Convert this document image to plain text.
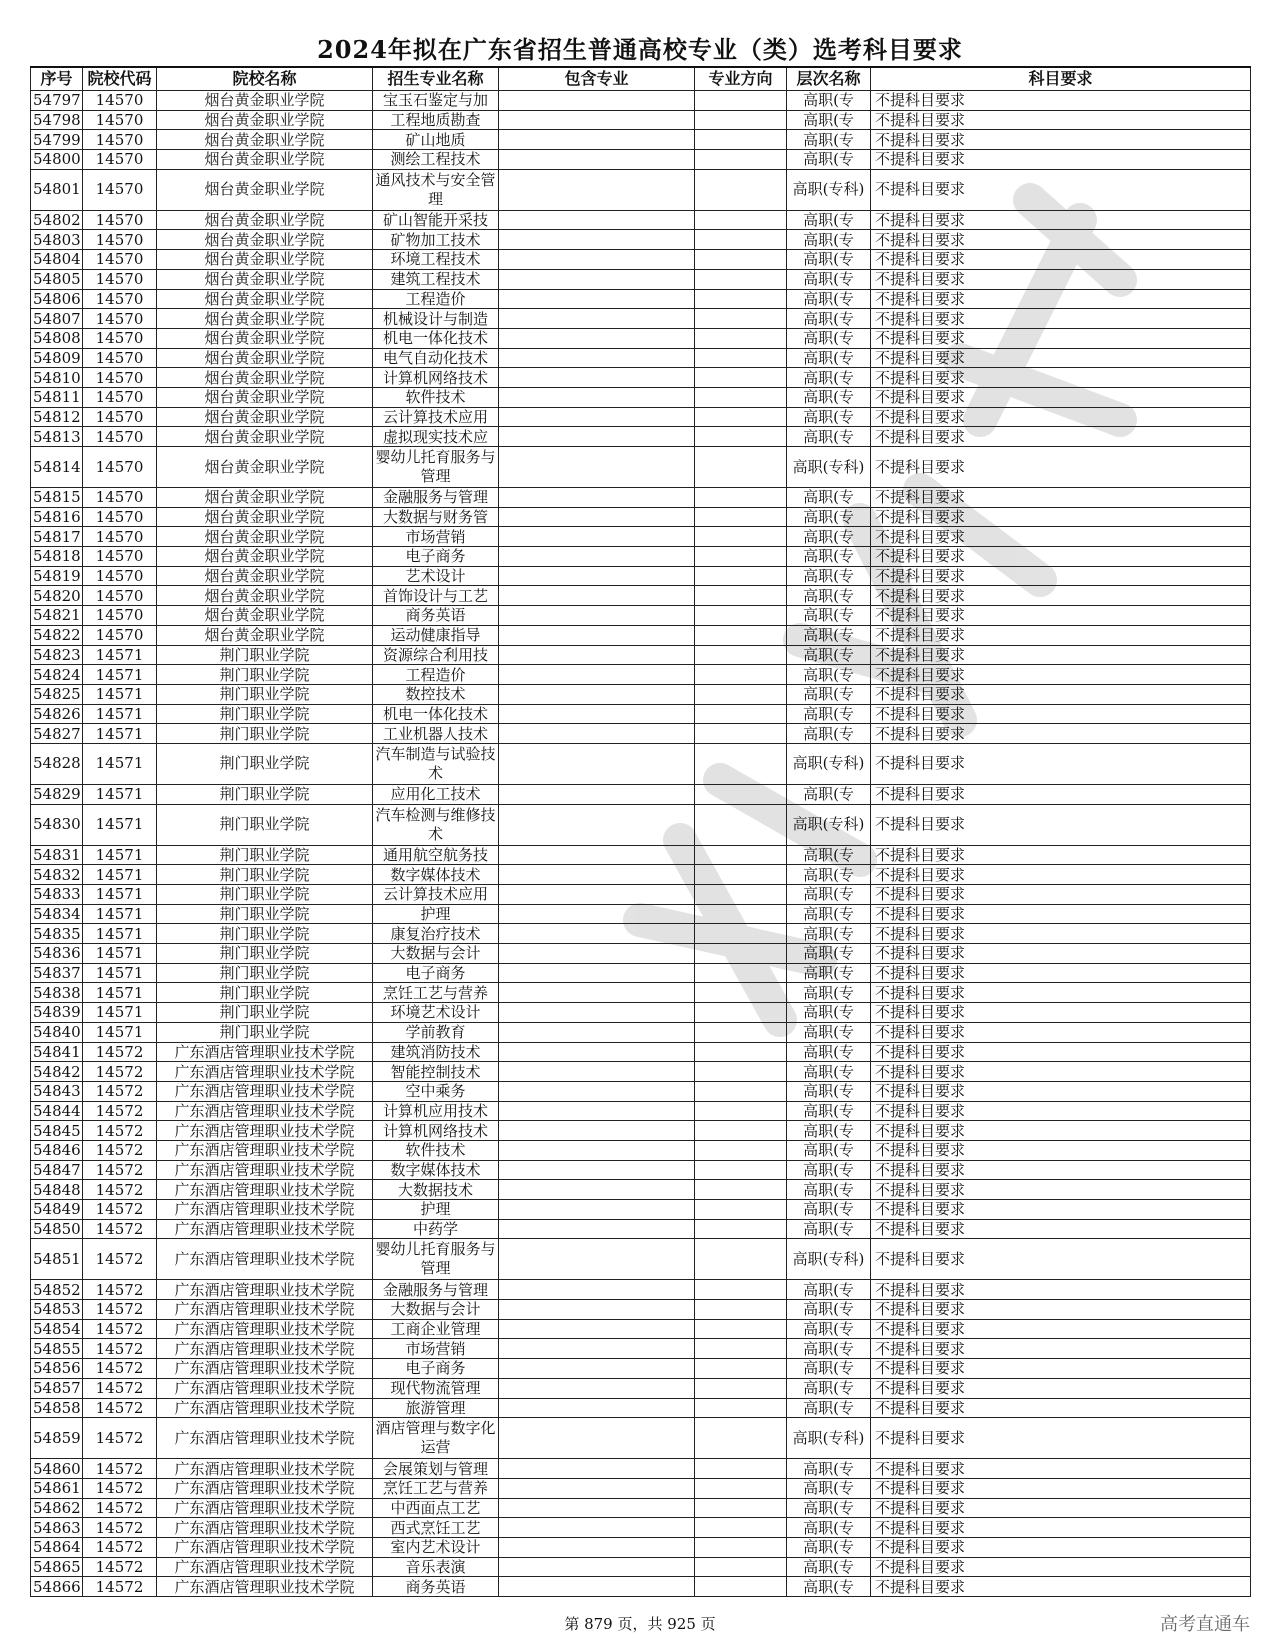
2024年拟在广东省招生普通高校专业（类）选考科目要求
序号	院校代码	院校名称	招生专业名称	包含专业	专业方向	层次名称	科目要求
54797	14570	烟台黄金职业学院	宝玉石鉴定与加			高职(专	不提科目要求
54798	14570	烟台黄金职业学院	工程地质勘查			高职(专	不提科目要求
54799	14570	烟台黄金职业学院	矿山地质			高职(专	不提科目要求
54800	14570	烟台黄金职业学院	测绘工程技术			高职(专	不提科目要求
54801	14570	烟台黄金职业学院	通风技术与安全管理			高职(专科)	不提科目要求
54802	14570	烟台黄金职业学院	矿山智能开采技			高职(专	不提科目要求
54803	14570	烟台黄金职业学院	矿物加工技术			高职(专	不提科目要求
54804	14570	烟台黄金职业学院	环境工程技术			高职(专	不提科目要求
54805	14570	烟台黄金职业学院	建筑工程技术			高职(专	不提科目要求
54806	14570	烟台黄金职业学院	工程造价			高职(专	不提科目要求
54807	14570	烟台黄金职业学院	机械设计与制造			高职(专	不提科目要求
54808	14570	烟台黄金职业学院	机电一体化技术			高职(专	不提科目要求
54809	14570	烟台黄金职业学院	电气自动化技术			高职(专	不提科目要求
54810	14570	烟台黄金职业学院	计算机网络技术			高职(专	不提科目要求
54811	14570	烟台黄金职业学院	软件技术			高职(专	不提科目要求
54812	14570	烟台黄金职业学院	云计算技术应用			高职(专	不提科目要求
54813	14570	烟台黄金职业学院	虚拟现实技术应			高职(专	不提科目要求
54814	14570	烟台黄金职业学院	婴幼儿托育服务与管理			高职(专科)	不提科目要求
54815	14570	烟台黄金职业学院	金融服务与管理			高职(专	不提科目要求
54816	14570	烟台黄金职业学院	大数据与财务管			高职(专	不提科目要求
54817	14570	烟台黄金职业学院	市场营销			高职(专	不提科目要求
54818	14570	烟台黄金职业学院	电子商务			高职(专	不提科目要求
54819	14570	烟台黄金职业学院	艺术设计			高职(专	不提科目要求
54820	14570	烟台黄金职业学院	首饰设计与工艺			高职(专	不提科目要求
54821	14570	烟台黄金职业学院	商务英语			高职(专	不提科目要求
54822	14570	烟台黄金职业学院	运动健康指导			高职(专	不提科目要求
54823	14571	荆门职业学院	资源综合利用技			高职(专	不提科目要求
54824	14571	荆门职业学院	工程造价			高职(专	不提科目要求
54825	14571	荆门职业学院	数控技术			高职(专	不提科目要求
54826	14571	荆门职业学院	机电一体化技术			高职(专	不提科目要求
54827	14571	荆门职业学院	工业机器人技术			高职(专	不提科目要求
54828	14571	荆门职业学院	汽车制造与试验技术			高职(专科)	不提科目要求
54829	14571	荆门职业学院	应用化工技术			高职(专	不提科目要求
54830	14571	荆门职业学院	汽车检测与维修技术			高职(专科)	不提科目要求
54831	14571	荆门职业学院	通用航空航务技			高职(专	不提科目要求
54832	14571	荆门职业学院	数字媒体技术			高职(专	不提科目要求
54833	14571	荆门职业学院	云计算技术应用			高职(专	不提科目要求
54834	14571	荆门职业学院	护理			高职(专	不提科目要求
54835	14571	荆门职业学院	康复治疗技术			高职(专	不提科目要求
54836	14571	荆门职业学院	大数据与会计			高职(专	不提科目要求
54837	14571	荆门职业学院	电子商务			高职(专	不提科目要求
54838	14571	荆门职业学院	烹饪工艺与营养			高职(专	不提科目要求
54839	14571	荆门职业学院	环境艺术设计			高职(专	不提科目要求
54840	14571	荆门职业学院	学前教育			高职(专	不提科目要求
54841	14572	广东酒店管理职业技术学院	建筑消防技术			高职(专	不提科目要求
54842	14572	广东酒店管理职业技术学院	智能控制技术			高职(专	不提科目要求
54843	14572	广东酒店管理职业技术学院	空中乘务			高职(专	不提科目要求
54844	14572	广东酒店管理职业技术学院	计算机应用技术			高职(专	不提科目要求
54845	14572	广东酒店管理职业技术学院	计算机网络技术			高职(专	不提科目要求
54846	14572	广东酒店管理职业技术学院	软件技术			高职(专	不提科目要求
54847	14572	广东酒店管理职业技术学院	数字媒体技术			高职(专	不提科目要求
54848	14572	广东酒店管理职业技术学院	大数据技术			高职(专	不提科目要求
54849	14572	广东酒店管理职业技术学院	护理			高职(专	不提科目要求
54850	14572	广东酒店管理职业技术学院	中药学			高职(专	不提科目要求
54851	14572	广东酒店管理职业技术学院	婴幼儿托育服务与管理			高职(专科)	不提科目要求
54852	14572	广东酒店管理职业技术学院	金融服务与管理			高职(专	不提科目要求
54853	14572	广东酒店管理职业技术学院	大数据与会计			高职(专	不提科目要求
54854	14572	广东酒店管理职业技术学院	工商企业管理			高职(专	不提科目要求
54855	14572	广东酒店管理职业技术学院	市场营销			高职(专	不提科目要求
54856	14572	广东酒店管理职业技术学院	电子商务			高职(专	不提科目要求
54857	14572	广东酒店管理职业技术学院	现代物流管理			高职(专	不提科目要求
54858	14572	广东酒店管理职业技术学院	旅游管理			高职(专	不提科目要求
54859	14572	广东酒店管理职业技术学院	酒店管理与数字化运营			高职(专科)	不提科目要求
54860	14572	广东酒店管理职业技术学院	会展策划与管理			高职(专	不提科目要求
54861	14572	广东酒店管理职业技术学院	烹饪工艺与营养			高职(专	不提科目要求
54862	14572	广东酒店管理职业技术学院	中西面点工艺			高职(专	不提科目要求
54863	14572	广东酒店管理职业技术学院	西式烹饪工艺			高职(专	不提科目要求
54864	14572	广东酒店管理职业技术学院	室内艺术设计			高职(专	不提科目要求
54865	14572	广东酒店管理职业技术学院	音乐表演			高职(专	不提科目要求
54866	14572	广东酒店管理职业技术学院	商务英语			高职(专	不提科目要求
第 879 页，共 925 页	高考直通车
